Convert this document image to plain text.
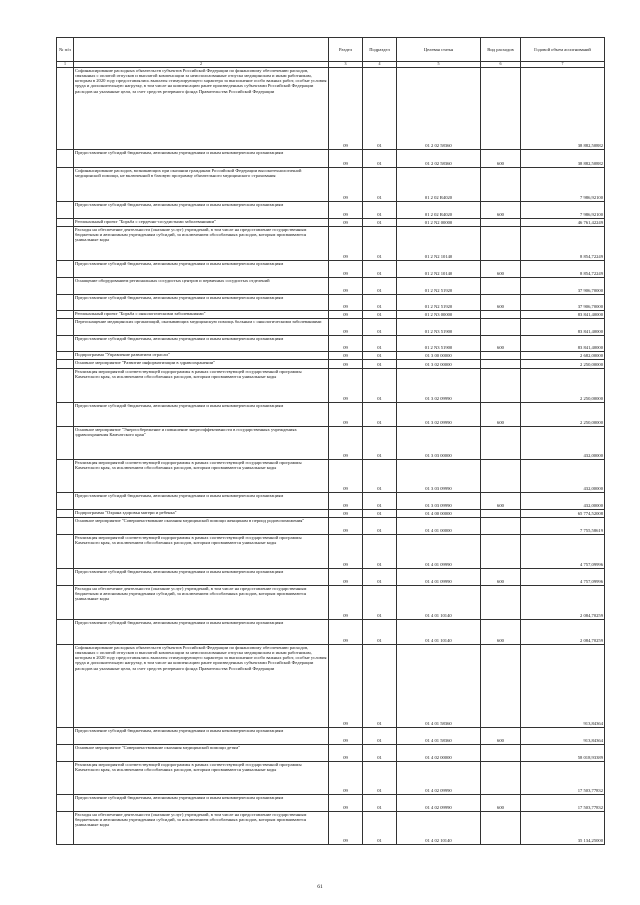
№ п/п		Раздел	Подраздел	Целевая статья	Вид расходов	Годовой объем ассигнований
1	2	3	4	5	6	7
	Софинансирование расходных обязательств субъектов Российской Федерации по финансовому обеспечению расходов, связанных с оплатой отпусков и выплатой компенсации за неиспользованные отпуска медицинским и иным работникам, которым в 2020 году предоставлялись выплаты стимулирующего характера за выполнение особо важных работ, особые условия труда и дополнительную нагрузку, в том числе на компенсацию ранее произведенных субъектами Российской Федерации расходов на указанные цели, за счет средств резервного фонда Правительства Российской Федерации	09	01	01 2 02 58360		38 882,50882
	Предоставление субсидий бюджетным, автономным учреждениям и иным некоммерческим организациям	09	01	01 2 02 58360	600	38 882,50882
	Софинансирование расходов, возникающих при оказании гражданам Российской Федерации высокотехнологичной медицинской помощи, не включенной в базовую программу обязательного медицинского страхования	09	01	01 2 02 R4020		7 986,92100
	Предоставление субсидий бюджетным, автономным учреждениям и иным некоммерческим организациям	09	01	01 2 02 R4020	600	7 986,92100
	Региональный проект "Борьба с сердечно-сосудистыми заболеваниями"	09	01	01 2 N2 00000		46 761,42249
	Расходы на обеспечение деятельности (оказание услуг) учреждений, в том числе на предоставление государственным бюджетным и автономным учреждениям субсидий, за исключением обособленных расходов, которым присваиваются уникальные коды	09	01	01 2 N2 10140		8 854,72249
	Предоставление субсидий бюджетным, автономным учреждениям и иным некоммерческим организациям	09	01	01 2 N2 10140	600	8 854,72249
	Оснащение оборудованием региональных сосудистых центров и первичных сосудистых отделений	09	01	01 2 N2 51920		37 906,70000
	Предоставление субсидий бюджетным, автономным учреждениям и иным некоммерческим организациям	09	01	01 2 N2 51920	600	37 906,70000
	Региональный проект "Борьба с онкологическими заболеваниями"	09	01	01 2 N3 00000		83 841,40000
	Переоснащение медицинских организаций, оказывающих медицинскую помощь больным с онкологическими заболеваниями	09	01	01 2 N3 51900		83 841,40000
	Предоставление субсидий бюджетным, автономным учреждениям и иным некоммерческим организациям	09	01	01 2 N3 51900	600	83 841,40000
	Подпрограмма "Управление развитием отрасли"	09	01	01 3 00 00000		2 682,00000
	Основное мероприятие "Развитие информатизации в здравоохранении"	09	01	01 3 02 00000		2 250,00000
	Реализация мероприятий соответствующей подпрограммы в рамках соответствующей государственной программы Камчатского края, за исключением обособленных расходов, которым присваиваются уникальные коды	09	01	01 3 02 09990		2 250,00000
	Предоставление субсидий бюджетным, автономным учреждениям и иным некоммерческим организациям	09	01	01 3 02 09990	600	2 250,00000
	Основное мероприятие "Энергосбережение и повышение энергоэффективности в государственных учреждениях здравоохранения Камчатского края"	09	01	01 3 03 00000		432,00000
	Реализация мероприятий соответствующей подпрограммы в рамках соответствующей государственной программы Камчатского края, за исключением обособленных расходов, которым присваиваются уникальные коды	09	01	01 3 03 09990		432,00000
	Предоставление субсидий бюджетным, автономным учреждениям и иным некоммерческим организациям	09	01	01 3 03 09990	600	432,00000
	Подпрограмма "Охрана здоровья матери и ребенка"	09	01	01 4 00 00000		65 774,52008
	Основное мероприятие "Совершенствование оказания медицинской помощи женщинам в период родовспоможения"	09	01	01 4 01 00000		7 755,58619
	Реализация мероприятий соответствующей подпрограммы в рамках соответствующей государственной программы Камчатского края, за исключением обособленных расходов, которым присваиваются уникальные коды	09	01	01 4 01 09990		4 757,09996
	Предоставление субсидий бюджетным, автономным учреждениям и иным некоммерческим организациям	09	01	01 4 01 09990	600	4 757,09996
	Расходы на обеспечение деятельности (оказание услуг) учреждений, в том числе на предоставление государственным бюджетным и автономным учреждениям субсидий, за исключением обособленных расходов, которым присваиваются уникальные коды	09	01	01 4 01 10140		2 084,70259
	Предоставление субсидий бюджетным, автономным учреждениям и иным некоммерческим организациям	09	01	01 4 01 10140	600	2 084,70259
	Софинансирование расходных обязательств субъектов Российской Федерации по финансовому обеспечению расходов, связанных с оплатой отпусков и выплатой компенсации за неиспользованные отпуска медицинским и иным работникам, которым в 2020 году предоставлялись выплаты стимулирующего характера за выполнение особо важных работ, особые условия труда и дополнительную нагрузку, в том числе на компенсацию ранее произведенных субъектами Российской Федерации расходов на указанные цели, за счет средств резервного фонда Правительства Российской Федерации	09	01	01 4 01 58360		913,84364
	Предоставление субсидий бюджетным, автономным учреждениям и иным некоммерческим организациям	09	01	01 4 01 58360	600	913,84364
	Основное мероприятие "Совершенствование оказания медицинской помощи детям"	09	01	01 4 02 00000		58 018,93389
	Реализация мероприятий соответствующей подпрограммы в рамках соответствующей государственной программы Камчатского края, за исключением обособленных расходов, которым присваиваются уникальные коды	09	01	01 4 02 09990		17 503,77832
	Предоставление субсидий бюджетным, автономным учреждениям и иным некоммерческим организациям	09	01	01 4 02 09990	600	17 503,77832
	Расходы на обеспечение деятельности (оказание услуг) учреждений, в том числе на предоставление государственным бюджетным и автономным учреждениям субсидий, за исключением обособленных расходов, которым присваиваются уникальные коды	09	01	01 4 02 10140		35 134,25000
61
